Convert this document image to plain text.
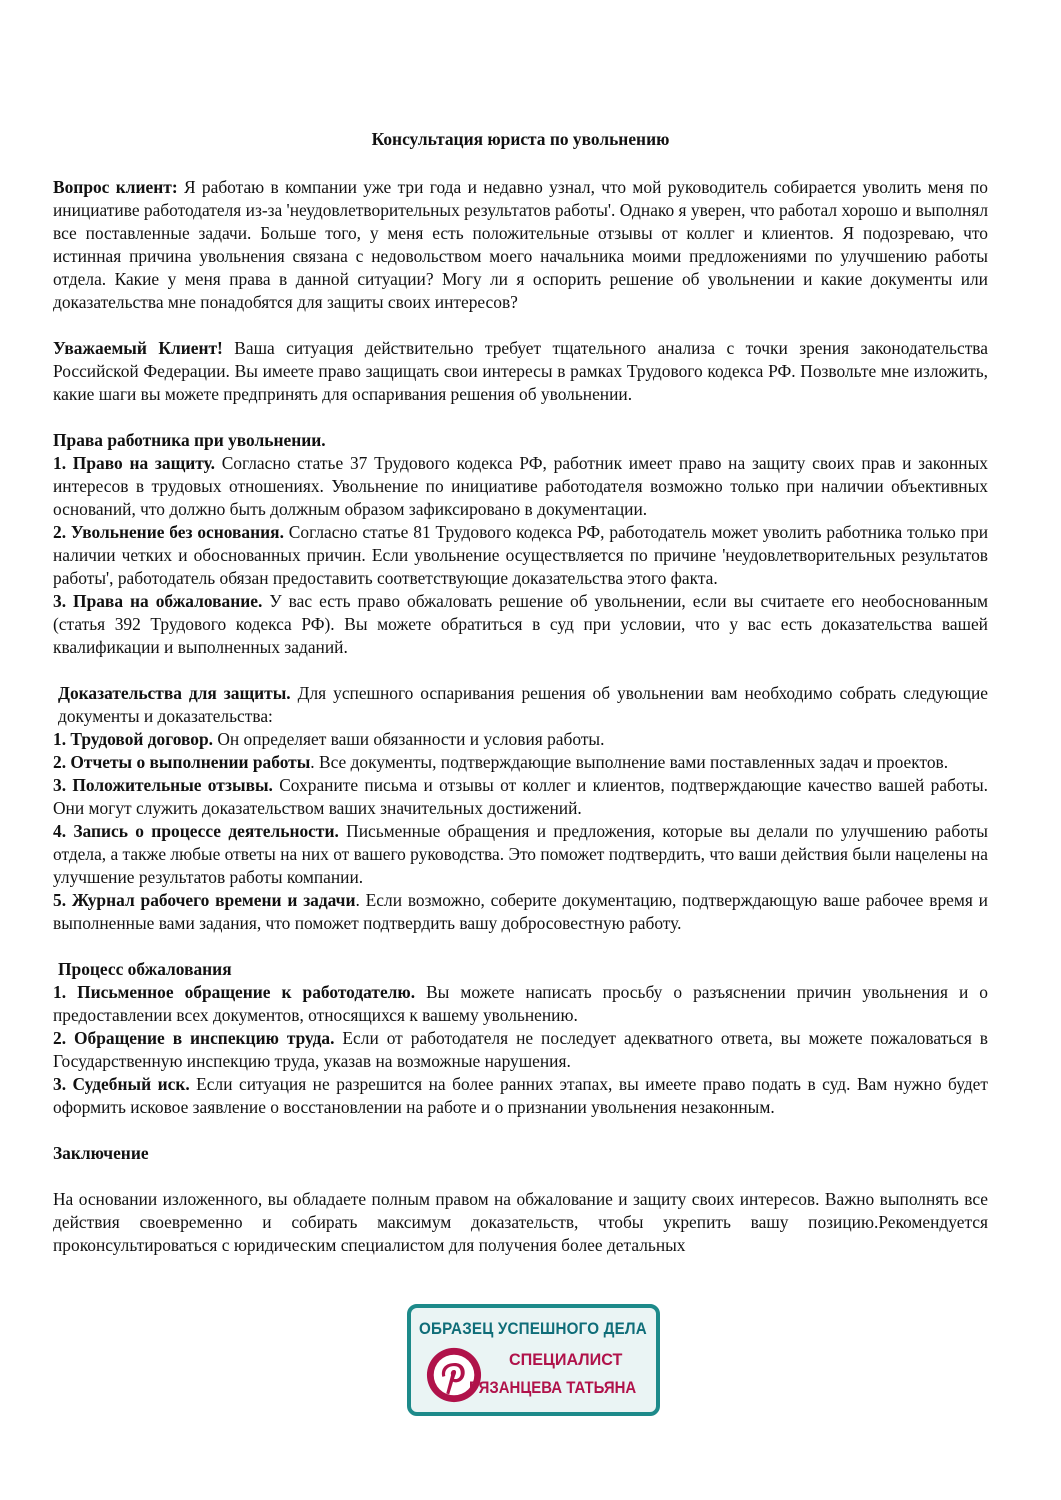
Консультация юриста по увольнению

Вопрос клиент: Я работаю в компании уже три года и недавно узнал, что мой руководитель собирается уволить меня по инициативе работодателя из-за 'неудовлетворительных результатов работы'. Однако я уверен, что работал хорошо и выполнял все поставленные задачи. Больше того, у меня есть положительные отзывы от коллег и клиентов. Я подозреваю, что истинная причина увольнения связана с недовольством моего начальника моими предложениями по улучшению работы отдела. Какие у меня права в данной ситуации? Могу ли я оспорить решение об увольнении и какие документы или доказательства мне понадобятся для защиты своих интересов?

Уважаемый Клиент! Ваша ситуация действительно требует тщательного анализа с точки зрения законодательства Российской Федерации. Вы имеете право защищать свои интересы в рамках Трудового кодекса РФ. Позвольте мне изложить, какие шаги вы можете предпринять для оспаривания решения об увольнении.

Права работника при увольнении.

1. Право на защиту. Согласно статье 37 Трудового кодекса РФ, работник имеет право на защиту своих прав и законных интересов в трудовых отношениях. Увольнение по инициативе работодателя возможно только при наличии объективных оснований, что должно быть должным образом зафиксировано в документации.

2. Увольнение без основания. Согласно статье 81 Трудового кодекса РФ, работодатель может уволить работника только при наличии четких и обоснованных причин. Если увольнение осуществляется по причине 'неудовлетворительных результатов работы', работодатель обязан предоставить соответствующие доказательства этого факта.

3. Права на обжалование. У вас есть право обжаловать решение об увольнении, если вы считаете его необоснованным (статья 392 Трудового кодекса РФ). Вы можете обратиться в суд при условии, что у вас есть доказательства вашей квалификации и выполненных заданий.

Доказательства для защиты. Для успешного оспаривания решения об увольнении вам необходимо собрать следующие документы и доказательства:

1. Трудовой договор. Он определяет ваши обязанности и условия работы.

2. Отчеты о выполнении работы. Все документы, подтверждающие выполнение вами поставленных задач и проектов.

3. Положительные отзывы. Сохраните письма и отзывы от коллег и клиентов, подтверждающие качество вашей работы. Они могут служить доказательством ваших значительных достижений.

4. Запись о процессе деятельности. Письменные обращения и предложения, которые вы делали по улучшению работы отдела, а также любые ответы на них от вашего руководства. Это поможет подтвердить, что ваши действия были нацелены на улучшение результатов работы компании.

5. Журнал рабочего времени и задачи. Если возможно, соберите документацию, подтверждающую ваше рабочее время и выполненные вами задания, что поможет подтвердить вашу добросовестную работу.

Процесс обжалования

1. Письменное обращение к работодателю. Вы можете написать просьбу о разъяснении причин увольнения и о предоставлении всех документов, относящихся к вашему увольнению.

2. Обращение в инспекцию труда. Если от работодателя не последует адекватного ответа, вы можете пожаловаться в Государственную инспекцию труда, указав на возможные нарушения.

3. Судебный иск. Если ситуация не разрешится на более ранних этапах, вы имеете право подать в суд. Вам нужно будет оформить исковое заявление о восстановлении на работе и о признании увольнения незаконным.

Заключение

На основании изложенного, вы обладаете полным правом на обжалование и защиту своих интересов. Важно выполнять все действия своевременно и собирать максимум доказательств, чтобы укрепить вашу позицию.Рекомендуется проконсультироваться с юридическим специалистом для получения более детальных

ОБРАЗЕЦ УСПЕШНОГО ДЕЛА
СПЕЦИАЛИСТ
РЯЗАНЦЕВА ТАТЬЯНА
